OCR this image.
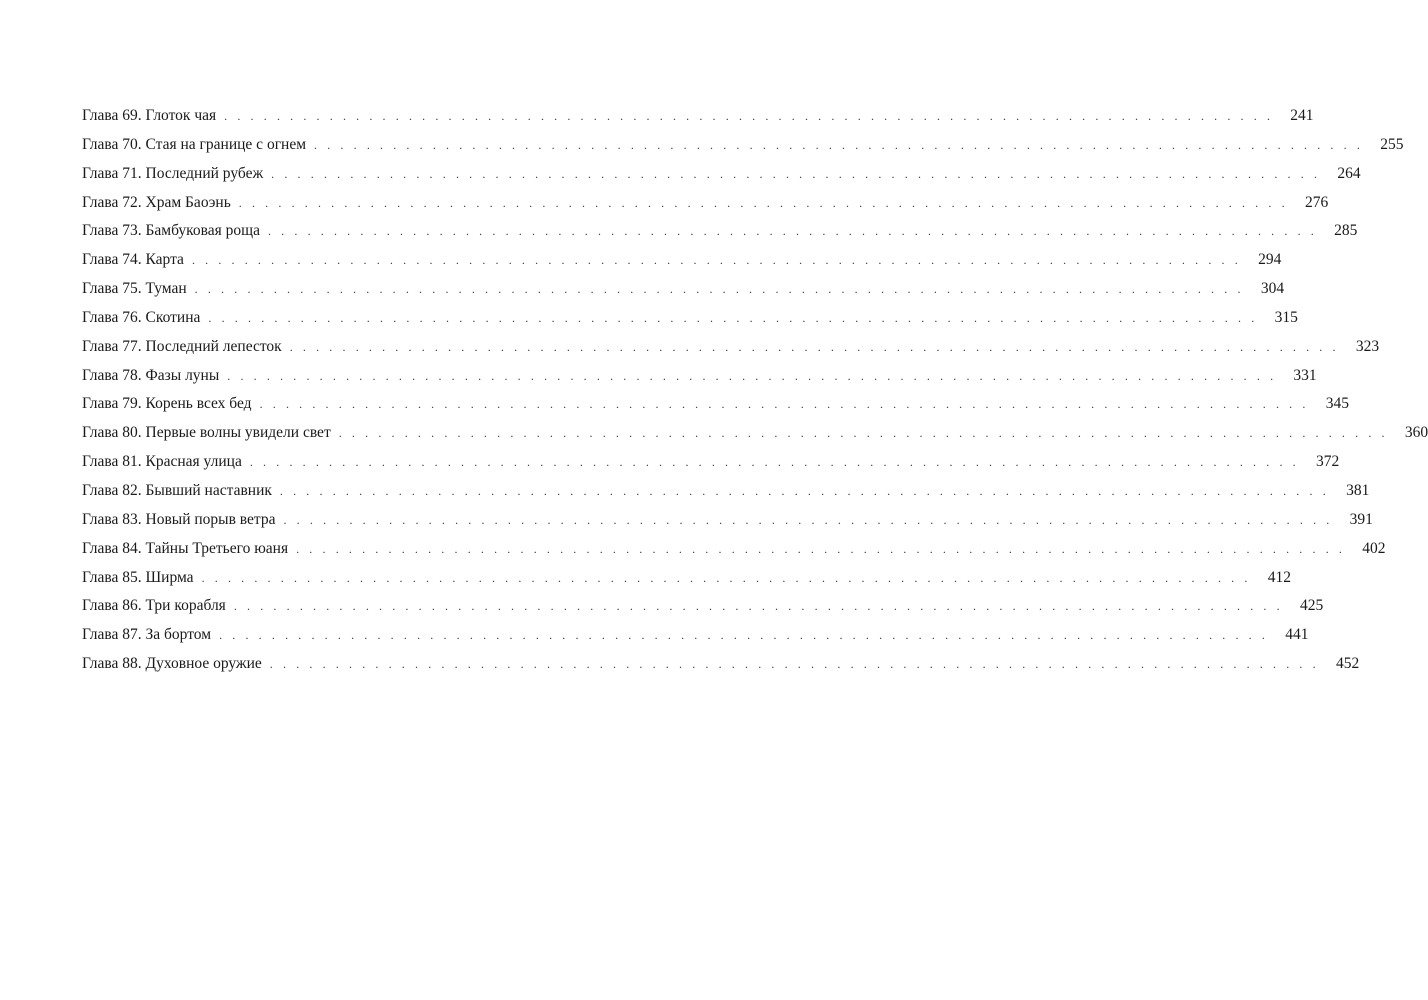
Глава 69. Глоток чая . . . . . . . . . . . . . . . . . . . . . . . . . . . . . . . . . . . . . . . . . . . . . . . . . . . . . . . . . . . . . . . . . . . . . . . . . . . . . . . .	241
Глава 70. Стая на границе с огнем . . . . . . . . . . . . . . . . . . . . . . . . . . . . . . . . . . . . . . . . . . . . . . . . . . . . . . . . . . . . . . . . . . . . . . . . . . . . . . . .	255
Глава 71. Последний рубеж . . . . . . . . . . . . . . . . . . . . . . . . . . . . . . . . . . . . . . . . . . . . . . . . . . . . . . . . . . . . . . . . . . . . . . . . . . . . . . . .	264
Глава 72. Храм Баоэнь . . . . . . . . . . . . . . . . . . . . . . . . . . . . . . . . . . . . . . . . . . . . . . . . . . . . . . . . . . . . . . . . . . . . . . . . . . . . . . . .	276
Глава 73. Бамбуковая роща . . . . . . . . . . . . . . . . . . . . . . . . . . . . . . . . . . . . . . . . . . . . . . . . . . . . . . . . . . . . . . . . . . . . . . . . . . . . . . . .	285
Глава 74. Карта . . . . . . . . . . . . . . . . . . . . . . . . . . . . . . . . . . . . . . . . . . . . . . . . . . . . . . . . . . . . . . . . . . . . . . . . . . . . . . . .	294
Глава 75. Туман . . . . . . . . . . . . . . . . . . . . . . . . . . . . . . . . . . . . . . . . . . . . . . . . . . . . . . . . . . . . . . . . . . . . . . . . . . . . . . . .	304
Глава 76. Скотина . . . . . . . . . . . . . . . . . . . . . . . . . . . . . . . . . . . . . . . . . . . . . . . . . . . . . . . . . . . . . . . . . . . . . . . . . . . . . . . .	315
Глава 77. Последний лепесток . . . . . . . . . . . . . . . . . . . . . . . . . . . . . . . . . . . . . . . . . . . . . . . . . . . . . . . . . . . . . . . . . . . . . . . . . . . . . . . .	323
Глава 78. Фазы луны . . . . . . . . . . . . . . . . . . . . . . . . . . . . . . . . . . . . . . . . . . . . . . . . . . . . . . . . . . . . . . . . . . . . . . . . . . . . . . . .	331
Глава 79. Корень всех бед . . . . . . . . . . . . . . . . . . . . . . . . . . . . . . . . . . . . . . . . . . . . . . . . . . . . . . . . . . . . . . . . . . . . . . . . . . . . . . . .	345
Глава 80. Первые волны увидели свет . . . . . . . . . . . . . . . . . . . . . . . . . . . . . . . . . . . . . . . . . . . . . . . . . . . . . . . . . . . . . . . . . . . . . . . . . . . . . . . .	360
Глава 81. Красная улица . . . . . . . . . . . . . . . . . . . . . . . . . . . . . . . . . . . . . . . . . . . . . . . . . . . . . . . . . . . . . . . . . . . . . . . . . . . . . . . .	372
Глава 82. Бывший наставник . . . . . . . . . . . . . . . . . . . . . . . . . . . . . . . . . . . . . . . . . . . . . . . . . . . . . . . . . . . . . . . . . . . . . . . . . . . . . . . .	381
Глава 83. Новый порыв ветра . . . . . . . . . . . . . . . . . . . . . . . . . . . . . . . . . . . . . . . . . . . . . . . . . . . . . . . . . . . . . . . . . . . . . . . . . . . . . . . .	391
Глава 84. Тайны Третьего юаня . . . . . . . . . . . . . . . . . . . . . . . . . . . . . . . . . . . . . . . . . . . . . . . . . . . . . . . . . . . . . . . . . . . . . . . . . . . . . . . .	402
Глава 85. Ширма . . . . . . . . . . . . . . . . . . . . . . . . . . . . . . . . . . . . . . . . . . . . . . . . . . . . . . . . . . . . . . . . . . . . . . . . . . . . . . . .	412
Глава 86. Три корабля . . . . . . . . . . . . . . . . . . . . . . . . . . . . . . . . . . . . . . . . . . . . . . . . . . . . . . . . . . . . . . . . . . . . . . . . . . . . . . . .	425
Глава 87. За бортом . . . . . . . . . . . . . . . . . . . . . . . . . . . . . . . . . . . . . . . . . . . . . . . . . . . . . . . . . . . . . . . . . . . . . . . . . . . . . . . .	441
Глава 88. Духовное оружие . . . . . . . . . . . . . . . . . . . . . . . . . . . . . . . . . . . . . . . . . . . . . . . . . . . . . . . . . . . . . . . . . . . . . . . . . . . . . . . .	452
